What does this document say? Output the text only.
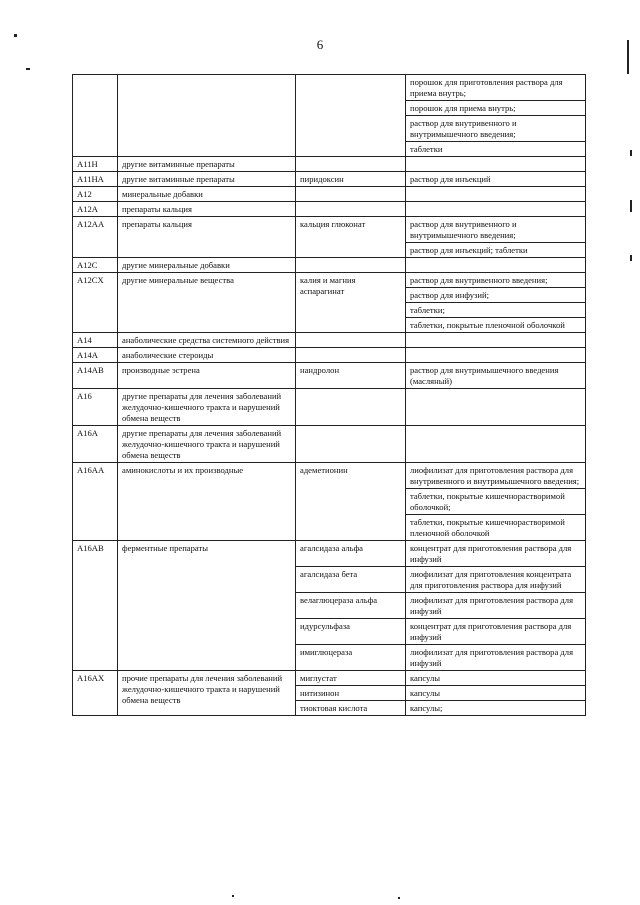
6
			порошок для приготовления раствора для приема внутрь;
			порошок для приема внутрь;
			раствор для внутривенного и внутримышечного введения;
			таблетки
A11H	другие витаминные препараты		
A11HA	другие витаминные препараты	пиридоксин	раствор для инъекций
A12	минеральные добавки		
A12A	препараты кальция		
A12AA	препараты кальция	кальция глюконат	раствор для внутривенного и внутримышечного введения;
			раствор для инъекций; таблетки
A12C	другие минеральные добавки		
A12CX	другие минеральные вещества	калия и магния аспарагинат	раствор для внутривенного введения;
			раствор для инфузий;
			таблетки;
			таблетки, покрытые пленочной оболочкой
A14	анаболические средства системного действия		
A14A	анаболические стероиды		
A14AB	производные эстрена	нандролон	раствор для внутримышечного введения (масляный)
A16	другие препараты для лечения заболеваний желудочно-кишечного тракта и нарушений обмена веществ		
A16A	другие препараты для лечения заболеваний желудочно-кишечного тракта и нарушений обмена веществ		
A16AA	аминокислоты и их производные	адеметионин	лиофилизат для приготовления раствора для внутривенного и внутримышечного введения;
			таблетки, покрытые кишечнорастворимой оболочкой;
			таблетки, покрытые кишечнорастворимой пленочной оболочкой
A16AB	ферментные препараты	агалсидаза альфа	концентрат для приготовления раствора для инфузий
		агалсидаза бета	лиофилизат для приготовления концентрата для приготовления раствора для инфузий
		велаглюцераза альфа	лиофилизат для приготовления раствора для инфузий
		идурсульфаза	концентрат для приготовления раствора для инфузий
		имиглюцераза	лиофилизат для приготовления раствора для инфузий
A16AX	прочие препараты для лечения заболеваний желудочно-кишечного тракта и нарушений обмена веществ	миглустат	капсулы
		нитизинон	капсулы
		тиоктовая кислота	капсулы;
